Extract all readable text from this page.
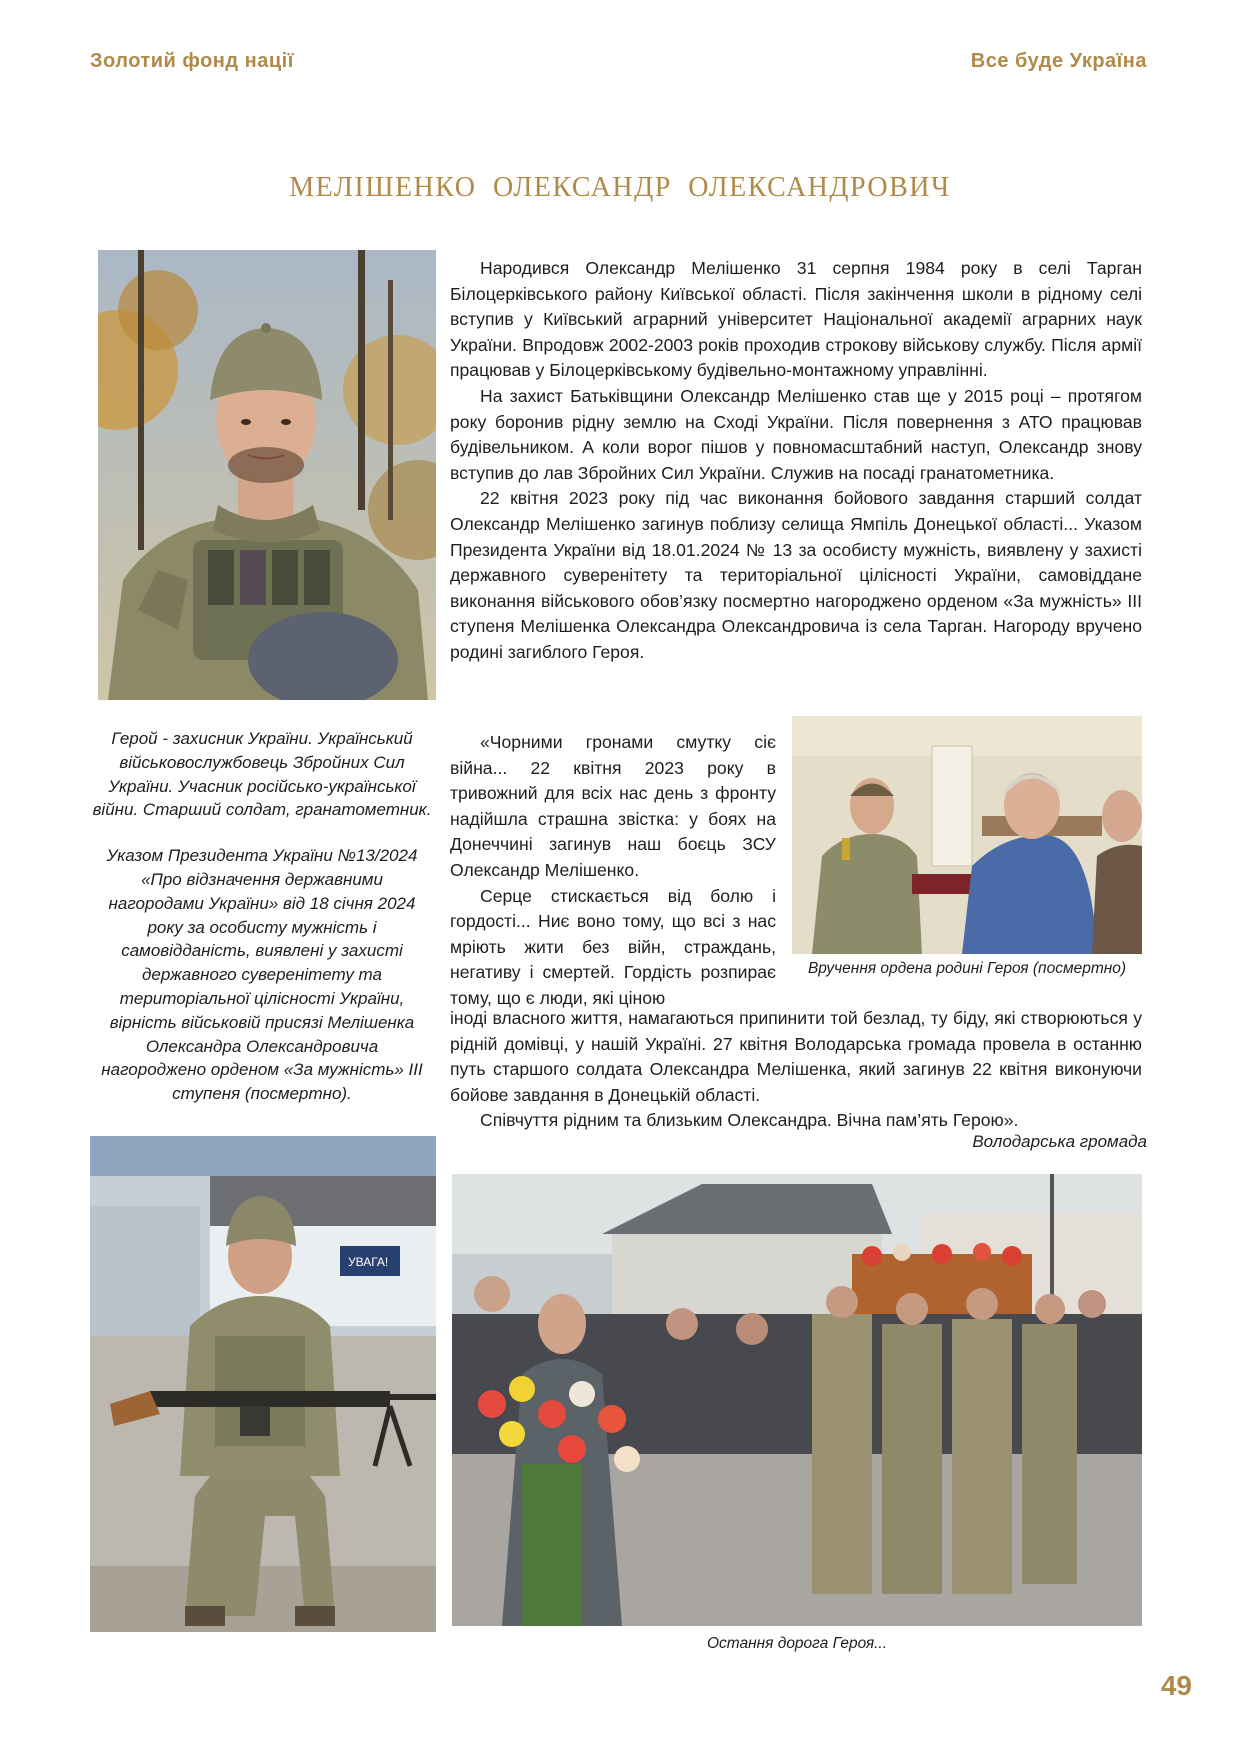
Золотий фонд нації	Все буде Україна
МЕЛІШЕНКО ОЛЕКСАНДР ОЛЕКСАНДРОВИЧ

Народився Олександр Мелішенко 31 серпня 1984 року в селі Тарган Білоцерківського району Київської області. Після закінчення школи в рідному селі вступив у Київський аграрний університет Національної академії аграрних наук України. Впродовж 2002-2003 років проходив строкову військову службу. Після армії працював у Білоцерківському будівельно-монтажному управлінні.

На захист Батьківщини Олександр Мелішенко став ще у 2015 році – протягом року боронив рідну землю на Сході України. Після повернення з АТО працював будівельником. А коли ворог пішов у повномасштабний наступ, Олександр знову вступив до лав Збройних Сил України. Служив на посаді гранатометника.

22 квітня 2023 року під час виконання бойового завдання старший солдат Олександр Мелішенко загинув поблизу селища Ямпіль Донецької області... Указом Президента України від 18.01.2024 № 13 за особисту мужність, виявлену у захисті державного суверенітету та територіальної цілісності України, самовіддане виконання військового обов’язку посмертно нагороджено орденом «За мужність» ІІІ ступеня Мелішенка Олександра Олександровича із села Тарган. Нагороду вручено родині загиблого Героя.

Герой - захисник України. Український військовослужбовець Збройних Сил України. Учасник російсько-української війни. Старший солдат, гранатометник.

Указом Президента України №13/2024 «Про відзначення державними нагородами України» від 18 січня 2024 року за особисту мужність і самовідданість, виявлені у захисті державного суверенітету та територіальної цілісності України, вірність військовій присязі Мелішенка Олександра Олександровича нагороджено орденом «За мужність» ІІІ ступеня (посмертно).

Вручення ордена родині Героя (посмертно)

«Чорними гронами смутку сіє війна... 22 квітня 2023 року в тривожний для всіх нас день з фронту надійшла страшна звістка: у боях на Донеччині загинув наш боєць ЗСУ Олександр Мелішенко.

Серце стискається від болю і гордості... Ниє воно тому, що всі з нас мріють жити без війн, страждань, негативу і смертей. Гордість розпирає тому, що є люди, які ціною

іноді власного життя, намагаються припинити той безлад, ту біду, які створюються у рідній домівці, у нашій Україні. 27 квітня Володарська громада провела в останню путь старшого солдата Олександра Мелішенка, який загинув 22 квітня виконуючи бойове завдання в Донецькій області.

Співчуття рідним та близьким Олександра. Вічна пам’ять Герою».

Володарська громада
УВАГА!
Остання дорога Героя...
49
